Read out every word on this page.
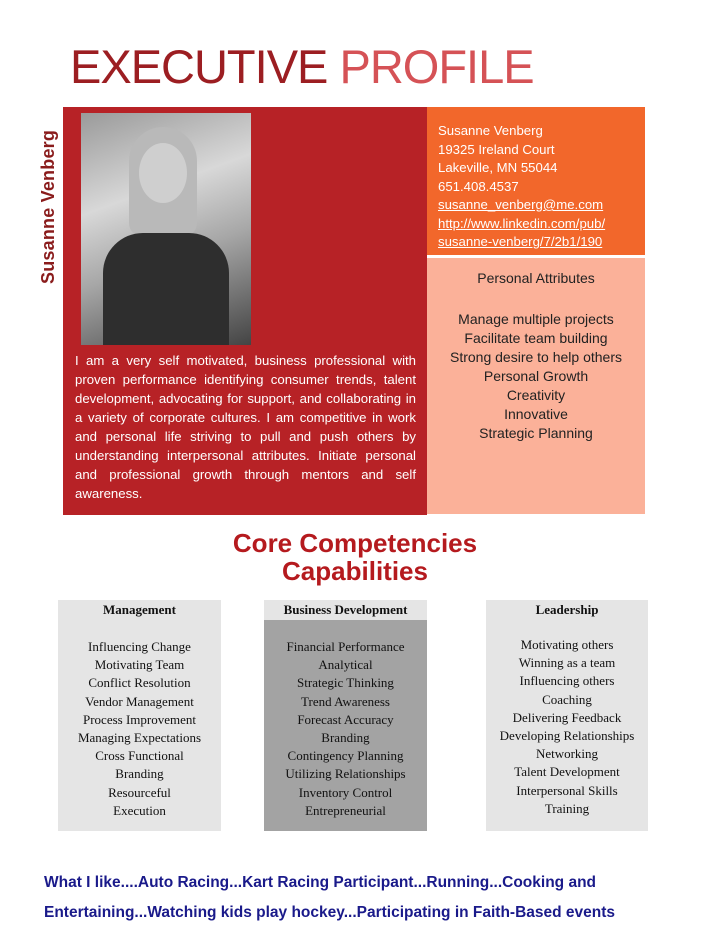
Susanne Venberg
EXECUTIVE PROFILE
I am a very self motivated, business professional with proven performance identifying consumer trends, talent development, advocating for support, and collaborating in a variety of corporate cultures. I am competitive in work and personal life striving to pull and push others by understanding interpersonal attributes. Initiate personal and professional growth through mentors and self awareness.
Susanne Venberg
19325 Ireland Court
Lakeville, MN 55044
651.408.4537
susanne_venberg@me.com
http://www.linkedin.com/pub/
susanne-venberg/7/2b1/190
Personal Attributes
Manage multiple projects
Facilitate team building
Strong desire to help others
Personal Growth
Creativity
Innovative
Strategic Planning
Core Competencies
Capabilities
Management
Influencing Change
Motivating Team
Conflict Resolution
Vendor Management
Process Improvement
Managing Expectations
Cross Functional
Branding
Resourceful
Execution
Business Development
Financial Performance
Analytical
Strategic Thinking
Trend Awareness
Forecast Accuracy
Branding
Contingency Planning
Utilizing Relationships
Inventory Control
Entrepreneurial
Leadership
Motivating others
Winning as a team
Influencing others
Coaching
Delivering Feedback
Developing Relationships
Networking
Talent Development
Interpersonal Skills
Training
What I like....Auto Racing...Kart Racing Participant...Running...Cooking and
Entertaining...Watching kids play hockey...Participating in Faith-Based events
